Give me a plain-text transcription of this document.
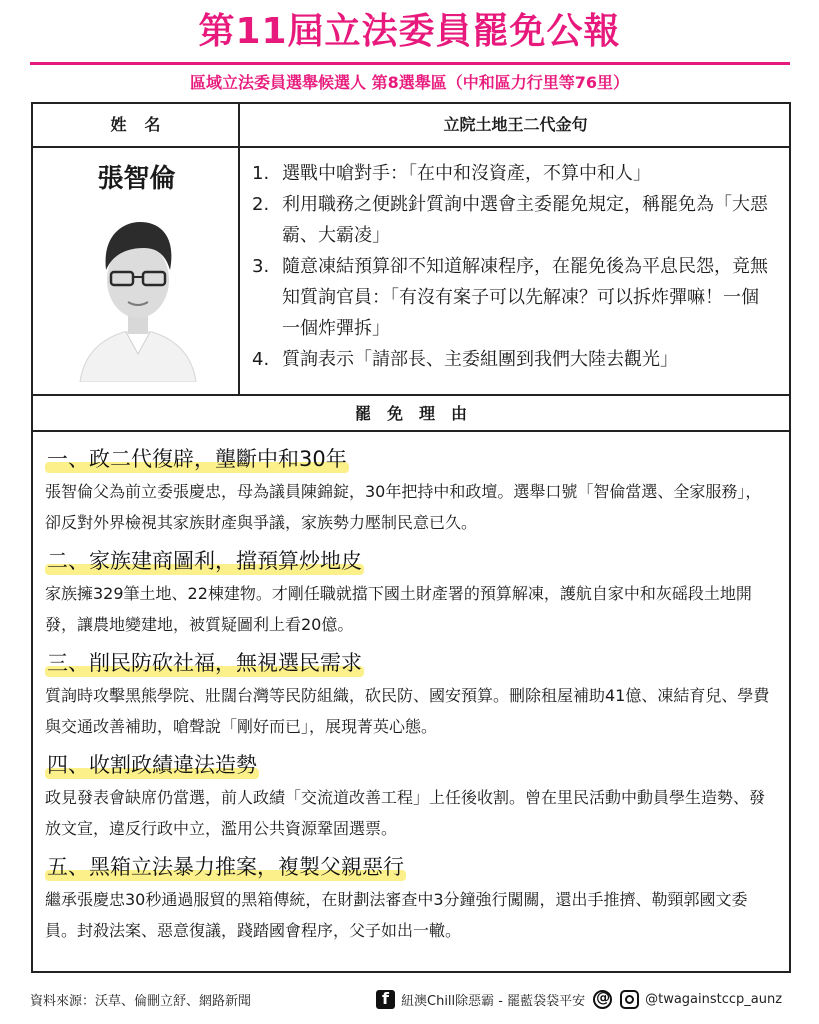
第11屆立法委員罷免公報
區域立法委員選舉候選人 第8選舉區（中和區力行里等76里）
姓名	立院土地王二代金句
張智倫	1. 選戰中嗆對手：「在中和沒資產，不算中和人」
2. 利用職務之便跳針質詢中選會主委罷免規定，稱罷免為「大惡霸、大霸凌」
3. 隨意凍結預算卻不知道解凍程序，在罷免後為平息民怨，竟無知質詢官員：「有沒有案子可以先解凍？可以拆炸彈嘛！一個一個炸彈拆」
4. 質詢表示「請部長、主委組團到我們大陸去觀光」
罷免理由
一、政二代復辟，壟斷中和30年
張智倫父為前立委張慶忠，母為議員陳錦錠，30年把持中和政壇。選舉口號「智倫當選、全家服務」，卻反對外界檢視其家族財產與爭議，家族勢力壓制民意已久。
二、家族建商圖利，擋預算炒地皮
家族擁329筆土地、22棟建物。才剛任職就擋下國土財產署的預算解凍，護航自家中和灰磘段土地開發，讓農地變建地，被質疑圖利上看20億。
三、削民防砍社福，無視選民需求
質詢時攻擊黑熊學院、壯闊台灣等民防組織，砍民防、國安預算。刪除租屋補助41億、凍結育兒、學費與交通改善補助，嗆聲說「剛好而已」，展現菁英心態。
四、收割政績違法造勢
政見發表會缺席仍當選，前人政績「交流道改善工程」上任後收割。曾在里民活動中動員學生造勢、發放文宣，違反行政中立，濫用公共資源鞏固選票。
五、黑箱立法暴力推案，複製父親惡行
繼承張慶忠30秒通過服貿的黑箱傳統，在財劃法審查中3分鐘強行闖關，還出手推擠、勒頸郭國文委員。封殺法案、惡意復議，踐踏國會程序，父子如出一轍。
資料來源：沃草、倫刪立舒、網路新聞 f	紐澳Chill除惡霸 - 罷藍袋袋平安 @	@twagainstccp_aunz
